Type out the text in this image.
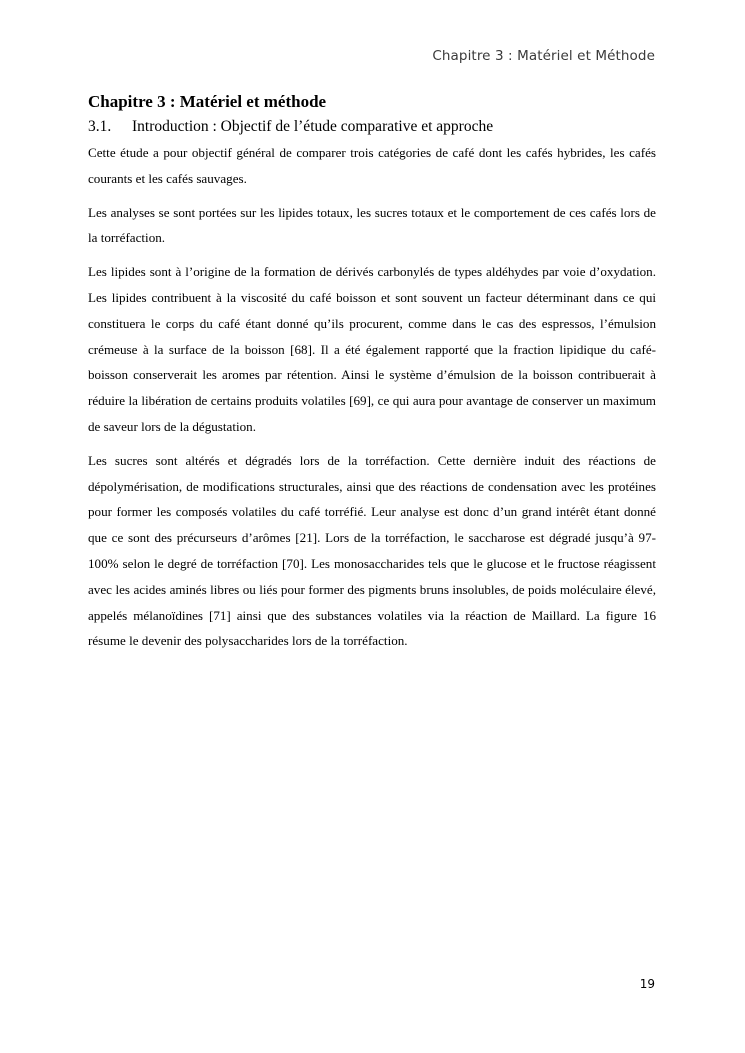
Chapitre 3 : Matériel et Méthode
Chapitre 3 : Matériel et méthode
3.1.	Introduction : Objectif de l’étude comparative et approche

Cette étude a pour objectif général de comparer trois catégories de café dont les cafés hybrides, les cafés courants et les cafés sauvages.

Les analyses se sont portées sur les lipides totaux, les sucres totaux et le comportement de ces cafés lors de la torréfaction.

Les lipides sont à l’origine de la formation de dérivés carbonylés de types aldéhydes par voie d’oxydation. Les lipides contribuent à la viscosité du café boisson et sont souvent un facteur déterminant dans ce qui constituera le corps du café étant donné qu’ils procurent, comme dans le cas des espressos, l’émulsion crémeuse à la surface de la boisson [68]. Il a été également rapporté que la fraction lipidique du café-boisson conserverait les aromes par rétention. Ainsi le système d’émulsion de la boisson contribuerait à réduire la libération de certains produits volatiles [69], ce qui aura pour avantage de conserver un maximum de saveur lors de la dégustation.

Les sucres sont altérés et dégradés lors de la torréfaction. Cette dernière induit des réactions de dépolymérisation, de modifications structurales, ainsi que des réactions de condensation avec les protéines pour former les composés volatiles du café torréfié. Leur analyse est donc d’un grand intérêt étant donné que ce sont des précurseurs d’arômes [21]. Lors de la torréfaction, le saccharose est dégradé jusqu’à 97-100% selon le degré de torréfaction [70]. Les monosaccharides tels que le glucose et le fructose réagissent avec les acides aminés libres ou liés pour former des pigments bruns insolubles, de poids moléculaire élevé, appelés mélanoïdines [71] ainsi que des substances volatiles via la réaction de Maillard. La figure 16 résume le devenir des polysaccharides lors de la torréfaction.

19
